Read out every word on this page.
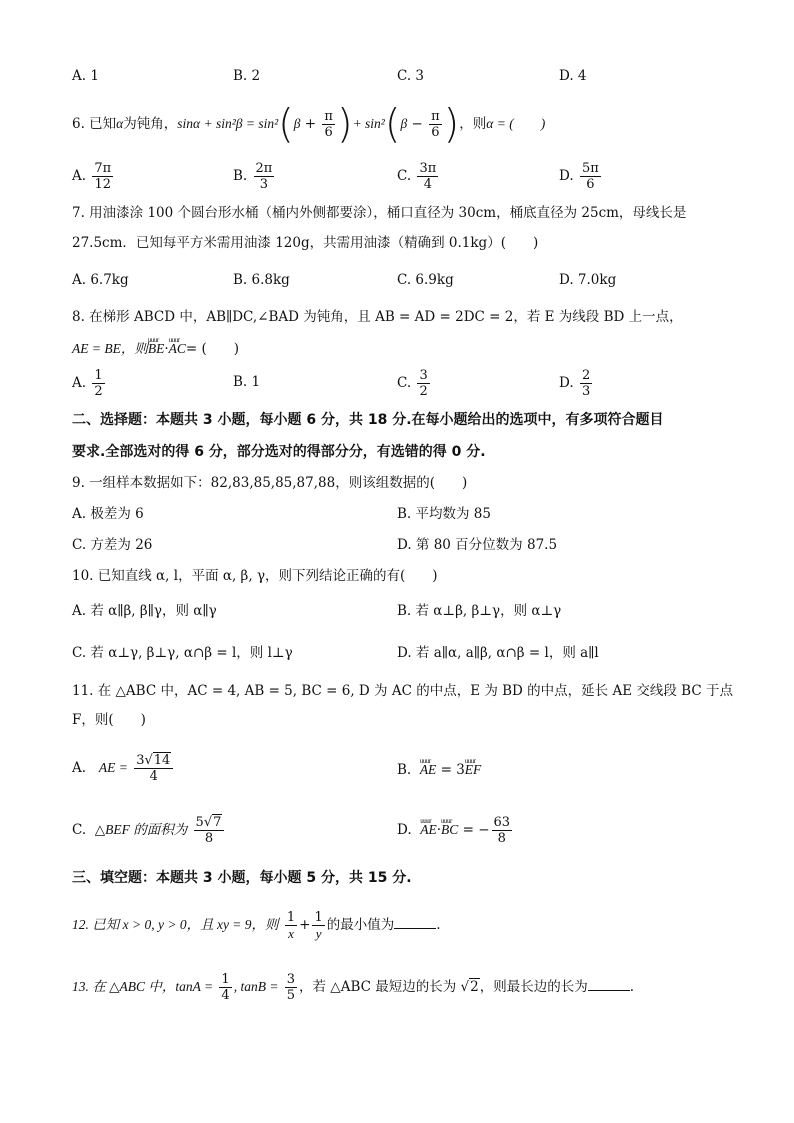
A. 1	B. 2	C. 3	D. 4
6. 已知α为钝角，$\sin\alpha + \sin^2\beta = \sin^2(\beta + \frac{\pi}{6}$ )+ $\sin^2(\beta - \frac{\pi}{6}$ )，则α = (　　)
A. $\frac{7\pi}{12}$	B. $\frac{2\pi}{3}$	C. $\frac{3\pi}{4}$	D. $\frac{5\pi}{6}$
7. 用油漆涂 100 个圆台形水桶（桶内外侧都要涂），桶口直径为 30cm，桶底直径为 25cm，母线长是
27.5cm．已知每平方米需用油漆 120g，共需用油漆（精确到 0.1kg）(　　)
A. 6.7kg	B. 6.8kg	C. 6.9kg	D. 7.0kg
8. 在梯形 ABCD 中，AB∥DC,∠BAD 为钝角，且 AB = AD = 2DC = 2，若 E 为线段 BD 上一点，
AE = BE，则uuur BE·uuur AC= (　　)
A. $\frac{1}{2}$	B. 1	C. $\frac{3}{2}$	D. $\frac{2}{3}$
二、选择题：本题共 3 小题，每小题 6 分，共 18 分.在每小题给出的选项中，有多项符合题目
要求.全部选对的得 6 分，部分选对的得部分分，有选错的得 0 分.
9. 一组样本数据如下：82,83,85,85,87,88，则该组数据的(　　)
A. 极差为 6	B. 平均数为 85
C. 方差为 26	D. 第 80 百分位数为 87.5
10. 已知直线 α, l，平面 α, β, γ，则下列结论正确的有(　　)
A. 若 α∥β, β∥γ，则 α∥γ	B. 若 α⊥β, β⊥γ，则 α⊥γ
C. 若 α⊥γ, β⊥γ, α∩β = l，则 l⊥γ	D. 若 a∥α, a∥β, α∩β = l，则 a∥l
11. 在 △ABC 中，AC = 4, AB = 5, BC = 6, D 为 AC 的中点，E 为 BD 的中点，延长 AE 交线段 BC 于点
F，则(　　)
A. AE = $\frac{3√14}{4}$	B. uuur AE = 3uuur EF
C. △BEF 的面积为 $\frac{5√7}{8}$	D. uuur AE·uuur BC = − $\frac{63}{8}$
三、填空题：本题共 3 小题，每小题 5 分，共 15 分.
12. 已知 x > 0, y > 0，且 xy = 9，则 $\frac{1}{x} + \frac{1}{y}$ 的最小值为	.
13. 在 △ABC 中，$\tan A = \frac{1}{4}$ , $\tan B = \frac{3}{5}$ ，若 △ABC 最短边的长为 √2，则最长边的长为	.
